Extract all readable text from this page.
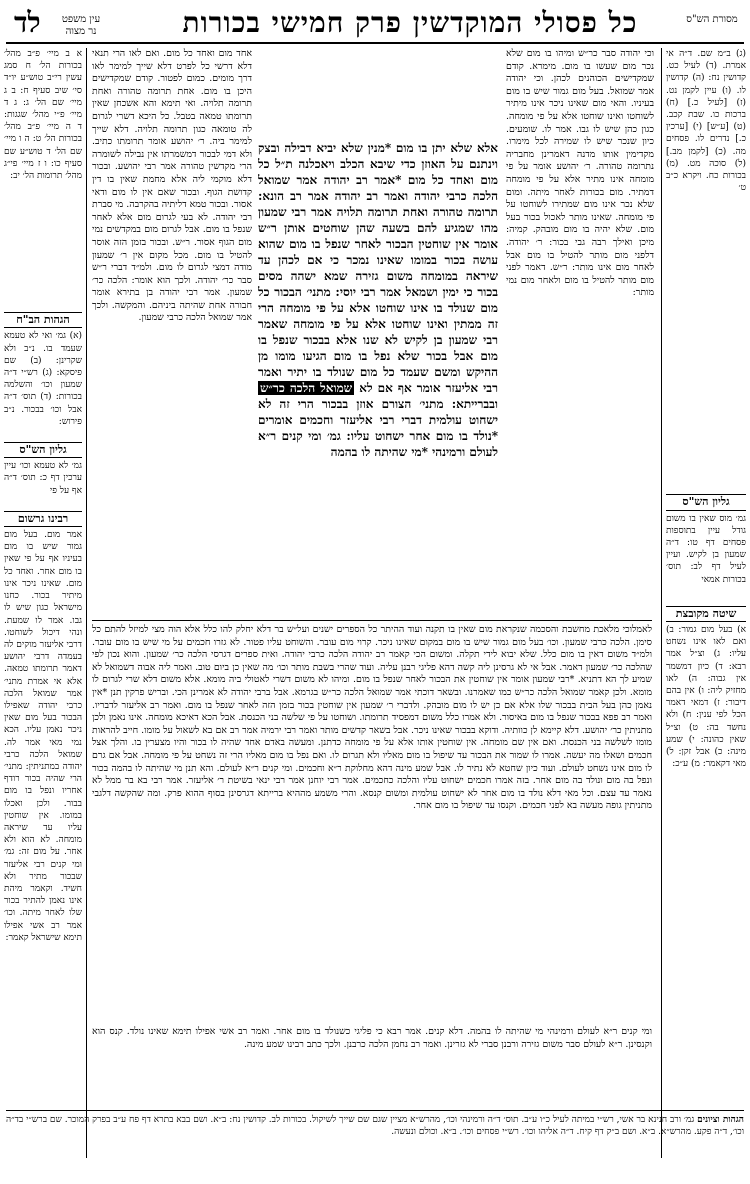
מסורת הש"ס
כל פסולי המוקדשין פרק חמישי בכורות
עין משפט
נר מצוה
לד
(ג) ב״מ שם. ד״ה אי אמרת. (ד) לעיל כט. קדושין נח: (ה) קדושין לו. (ו) עיין לקמן נט. (ז) [לעיל כ.] (ח) ברכות כו. שבת קכב. (ט) [ע״ש] (י) [ערכין כ.] נדרים לו. פסחים מה. (כ) [לקמן מב.] (ל) סוכה מט. (מ) בכורות כח. ויקרא כ״ב ט׳
גליון הש"ס
גמ׳ מוס שאין בו משום גודל עיין בתוספות פסחים דף טו: ד״ה שמעון בן לקיש. ועיין לעיל דף לב: תוס׳ בכורות אמאי
שיטה מקובצת
א) בעל מום גמור: ב) ואם לאו אינו נשחט עליו: ג) וצ״ל אמר רבא: ד) כיון דמשמר אין גבוה: ה) לאו מחזיק ליה: ו) אין בהם דיבור: ז) דמאי דאמר הכל לפי ענין: ח) ולא נחשד בה: ט) וצ״ל שאין כהונה: י) שמע מינה: כ) אבל זקן: ל) מאי דקאמר: מ) ע״כ:
א ב מיי׳ פ״ב מהל׳ בכורות הל׳ ח סמג עשין רי״ב טוש״ע יו״ד סי׳ שיב סעיף ח: ב ג מיי׳ שם הל׳ ג: ג ד מיי׳ פ״י מהל׳ שגגות: ד ה מיי׳ פ״ב מהל׳ בכורות הל׳ ט: ה ו מיי׳ שם הל׳ ד טוש״ע שם סעיף כו: ו ז מיי׳ פי״ג מהל׳ תרומות הל׳ יב:
הגהות הב"ח
(א) גמ׳ ואי לא טעמא שעמד בו. נ״ב ולא שקרינן: (ב) שם פיסקא: (ג) רש״י ד״ה שמעון וכו׳ והשלמה בכורות: (ד) תוס׳ ד״ה אבל וכו׳ בבכור. נ״ב פירוש:
גליון הש"ס
גמ׳ לא טעמא וכו׳ עיין ערכין דף כ: תוס׳ ד״ה אף על פי
רבינו גרשום
אמר מום. בעל מום גמור שיש בו מום בעיניו אף על פי שאין בו מום אחר. ואחד כל מום. שאינו ניכר אינו מיתיר בכור. כחנו מישראל כגון שיש לו גבו. אמר לו שמעת. ונהי דיכול לשוחטו. דרבי אליעזר מוקים לה בעמדה דרבי יהושע דאמר תרומתו טמאה. אלא אי אמרת מתני׳ אמר שמואל הלכה כרבי יהודה שאפילו הבכור בעל מום שאין ניכר נאמן עליו. הכא נמי מאי אמר לה. שמואל הלכה כרבי יהודה במתניתין: מתני׳ הרי שהיה בכור רודף אחריו ונפל בו מום בבור. ולכן ואכלו במומו. אין שוחטין עליו עד שיראה מומחה. לא הוא ולא אחר. על מום זה: גמ׳ ומי קנים רבי אליעזר שבכור מתיר ולא חשיד. וקאמר מיהת אינו נאמן להתיר בכור שלו לאחר מיתה. וכו׳ אמר רב אשי אפילו תימא שישראל קאמר:
וכי יהודה סבר כר״ש ומיהו בו מום שלא נכר מום שעשו בו מום. מימרא. קודם שמקדישים הכוהנים לכהן. וכי יהודה אמר שמואל. בעל מום גמור שיש בו מום בעיניו. והאי מום שאינו ניכר אינו מיתיר לשוחטו ואינו שוחטו אלא על פי מומחה. כגון כהן שיש לו גבו. אמר לו. שומעים. כיון שנכר שיש לו שמירה לכל מימרו. מקדימין אותו מדנה דאמרינן מחבריה נתרומה טהורה. ר׳ יהושע אומר על פי מומחה אינו מתיר אלא על פי מומחה דמתיר. מום בכורות לאחר מיתה. ומום שלא נכר אינו מום שמתירו לשוחטו על פי מומחה. שאינו מותר לאכול בכור בעל מום. שלא יהיה בו מום מובהק. קמיה: מיכן ואילך רבה גבי בכור: ר׳ יהודה. דלפני מום מותר להטיל בו מום אבל לאחר מום אינו מותר: ר״ש. דאמר לפני מום מותר להטיל בו מום ולאחר מום נמי מותר:
אחד מום ואחד כל מום. ואם לאו הרי תנאי דלא דרשי כל לפרט דלא שייך למימר לאו דרך מומים. כמום לפטור. קודם שמקדישים היכן בו מום. אחת תרומה טהורה ואחת תרומה תלויה. ואי תימא והא אשכחן שאין תרומתו טמאה בטבל. כל היכא דשרי לגרום לה טומאה כגון תרומה תלויה. דלא שייך למימר ביה. ר׳ יהושע אומר תרומתו כתיב. ולא דמי לבכור דמשמרתו אין נבילה לשומרה הרי מקדשין טהורה אמר רבי יהושע. ובכור דלא מוקמי ליה אלא מחמת שאין בו דין קדושת הגוף. ובכור שאם אין לו מום ודאי אסור. ובכור טמא דליתיה בהקרבה. מי סברת רבי יהודה. לא בעי לגרום מום אלא לאחר שנפל בו מום. אבל לגרום מום במקדשים נמי מום הגוף אסור. ר״ש. ובכור בזמן הזה אוסר להטיל בו מום. מכל מקום אין ר׳ שמעון מודה דמצי לגרום לו מום. ולמ״ד דברי ר״ש סבר כר׳ יהודה. ולכך הוא אומר: הלכה כר׳ שמעון. אמר רבי יהודה בן בתירא אומר חבורה אחת שהיתה ביניהם. והמקשה. ולכך אמר שמואל הלכה כרבי שמעון.
אלא שלא יתן בו מום *מנין שלא יביא דבילה ובצק וינתנם על האוזן כדי שיבא הכלב ויאכלנה ת״ל כל מום ואחד כל מום *אמר רב יהודה אמר שמואל הלכה כרבי יהודה ואמר רב יהודה אמר רב הונא: תרומה טהורה ואחת תרומה תלויה אמר רבי שמעון מהו שמגיע להם בשעה שהן שוחטים אותן ר״ש אומר אין שוחטין הבכור לאחר שנפל בו מום שהוא עושה בכור במומו שאינו נמכר כי אם לכהן עד שיראה במומחה משום גזירה שמא ישהה מסים בכור כי ימין ושמאל אמר רבי יוסי: מתני׳ הבכור כל מום שנולד בו אינו שוחטו אלא על פי מומחה הרי זה ממתין ואינו שוחטו אלא על פי מומחה שאמר רבי שמעון בן לקיש לא שנו אלא בבכור שנפל בו מום אבל בכור שלא נפל בו מום הגיעו מומו מן ההיקש ומשם שעמד כל מום שנולד בו יתיר ואמר רבי אליעזר אומר אף אם לא שמואל הלכה כר״ש ובברייתא: מתני׳ הצורם אוזן בבכור הרי זה לא ישחוט עולמית דברי רבי אליעזר וחכמים אומרים *נולד בו מום אחר ישחוט עליו: גמ׳ ומי קנים ר״א לעולם ורמינהי *מי שהיתה לו בהמה
לאמלוכי מלאכת מחשבת והסכמה שנקראת מום שאין בו תקנה ועוד ההיתר כל הספרים ישנים ועל״ש בר דלא יחלק להו כלל אלא הוה מצי למיזל להתם כל סימן. הלכה כרבי שמעון. וכו׳ בעל מום גמור שיש בו מום במקום שאינו ניכר. קרוי מום עובר. והשוחט עליו פטור. לא גזרו חכמים על מי שיש בו מום עובר. ולמ״ד משום דאין בו מום כלל. שלא יבוא לידי תקלה. ומשום הכי קאמר רב יהודה הלכה כרבי יהודה. ואית ספרים דגרסי הלכה כר׳ שמעון. והוא נכון לפי שהלכה כר׳ שמעון דאמר. אבל אי לא גרסינן ליה קשה דהא פליגי רבנן עליה. ועוד שהרי בשבת מותר וכו׳ מה שאין כן ביום טוב. ואמר ליה אבוה דשמואל לא שמיע לך הא דתניא. *רבי שמעון אומר אין שוחטין את הבכור לאחר שנפל בו מום. ומיהו לא משום דשרי לאטולי ביה מומא. אלא משום דלא שרי לגרום לו מומא. ולכן קאמר שמואל הלכה כר״ש כמו שאמרנו. ובשאר דוכתי אמר שמואל הלכה כר״ש בגרמא. אבל ברבי יהודה לא אמרינן הכי. ובריש פרקין תנן *אין נאמן כהן בעל הבית בבכור שלו אלא אם כן יש לו מום מובהק. ולדברי ר׳ שמעון אין שוחטין בכור בזמן הזה לאחר שנפל בו מום. ואמר רב אליעזר לדבריו. ואמר רב פפא בבכור שנפל בו מום באיסור. ולא אמרו כלל משום דמפסיד תרומתו. ושוחטו על פי שלשה בני הכנסת. אבל הכא דאיכא מומחה. אינו נאמן ולכן מתניתין כר׳ יהושע. דלא קיימא לן כוותיה. ודוקא בבכור שאינו ניכר. אבל בשאר קדשים מותר ואמר רבי ירמיה אמר רב אם בא לשאול על מומו. חייב להראות מומו לשלשה בני הכנסת. ואם אין שם מומחה. אין שוחטין אותו אלא על פי מומחה כדתנן. ומעשה באדם אחד שהיה לו בכור והיו מצערין בו. והלך אצל חכמים ושאלו מה יעשה. אמרו לו שמור את הבכור עד שיפול בו מום מאליו ולא תגרום לו. ואם נפל בו מום מאליו הרי זה נשחט על פי מומחה. אבל אם גרם לו מום אינו נשחט לעולם. ועוד כיון שחטא לא נתיר לו. אבל שמע מינה דהא מחלוקת ר״א וחכמים. ומי קנים ר״א לעולם. והא תנן מי שהיתה לו בהמה בכור ונפל בה מום ונולד בה מום אחר. בזה אמרו חכמים ישחוט עליו והלכה כחכמים. אמר רבי יוחנן אמר רבי ינאי בשיטת ר׳ אליעזר. אמר רבי בא בר ממל לא נאמר עד עצם. וכל מאי דלא נולד בו מום אחר לא ישחוט עולמית ומשום קנסא. והרי משמע מההיא ברייתא דגרסינן בסוף ההוא פרק. ומה שהקשה דלגבי מתניתין גופה מעשה בא לפני חכמים. וקנסו עד שיפול בו מום אחר.
ומי קנים ר״א לעולם ורמינהי מי שהיתה לו בהמה. דלא קנים. אמר רבא כי פליגי כשנולד בו מום אחר. ואמר רב אשי אפילו תימא שאינו נולד. קנס הוא וקנסינן. ר״א לעולם סבר משום גזירה ורבנן סברי לא גזרינן. ואמר רב נחמן הלכה כרבנן. ולכך כתב רבינו שמע מינה.
הגהות וציונים גמ׳ ורב חנינא בר אשי, רש״י במיתה לעיל כ״ו ע״ב. תוס׳ ד״ה ורמינהי וכו׳, מהרש״א מציין שגם שם שייך לשיקול. בכורות לב. קדושין נח: ב״א. ושם בבא בתרא דף פח ע״ב בפרק המוכר. שם ברש״י בד״ה וכו׳, ד״ה פקע. מהרש״א. ב״א. ושם ב״ק דף קיח. ד״ה אליהו וכו׳. רש״י פסחים וכו׳. ב״א. וכולם ונעשה.
